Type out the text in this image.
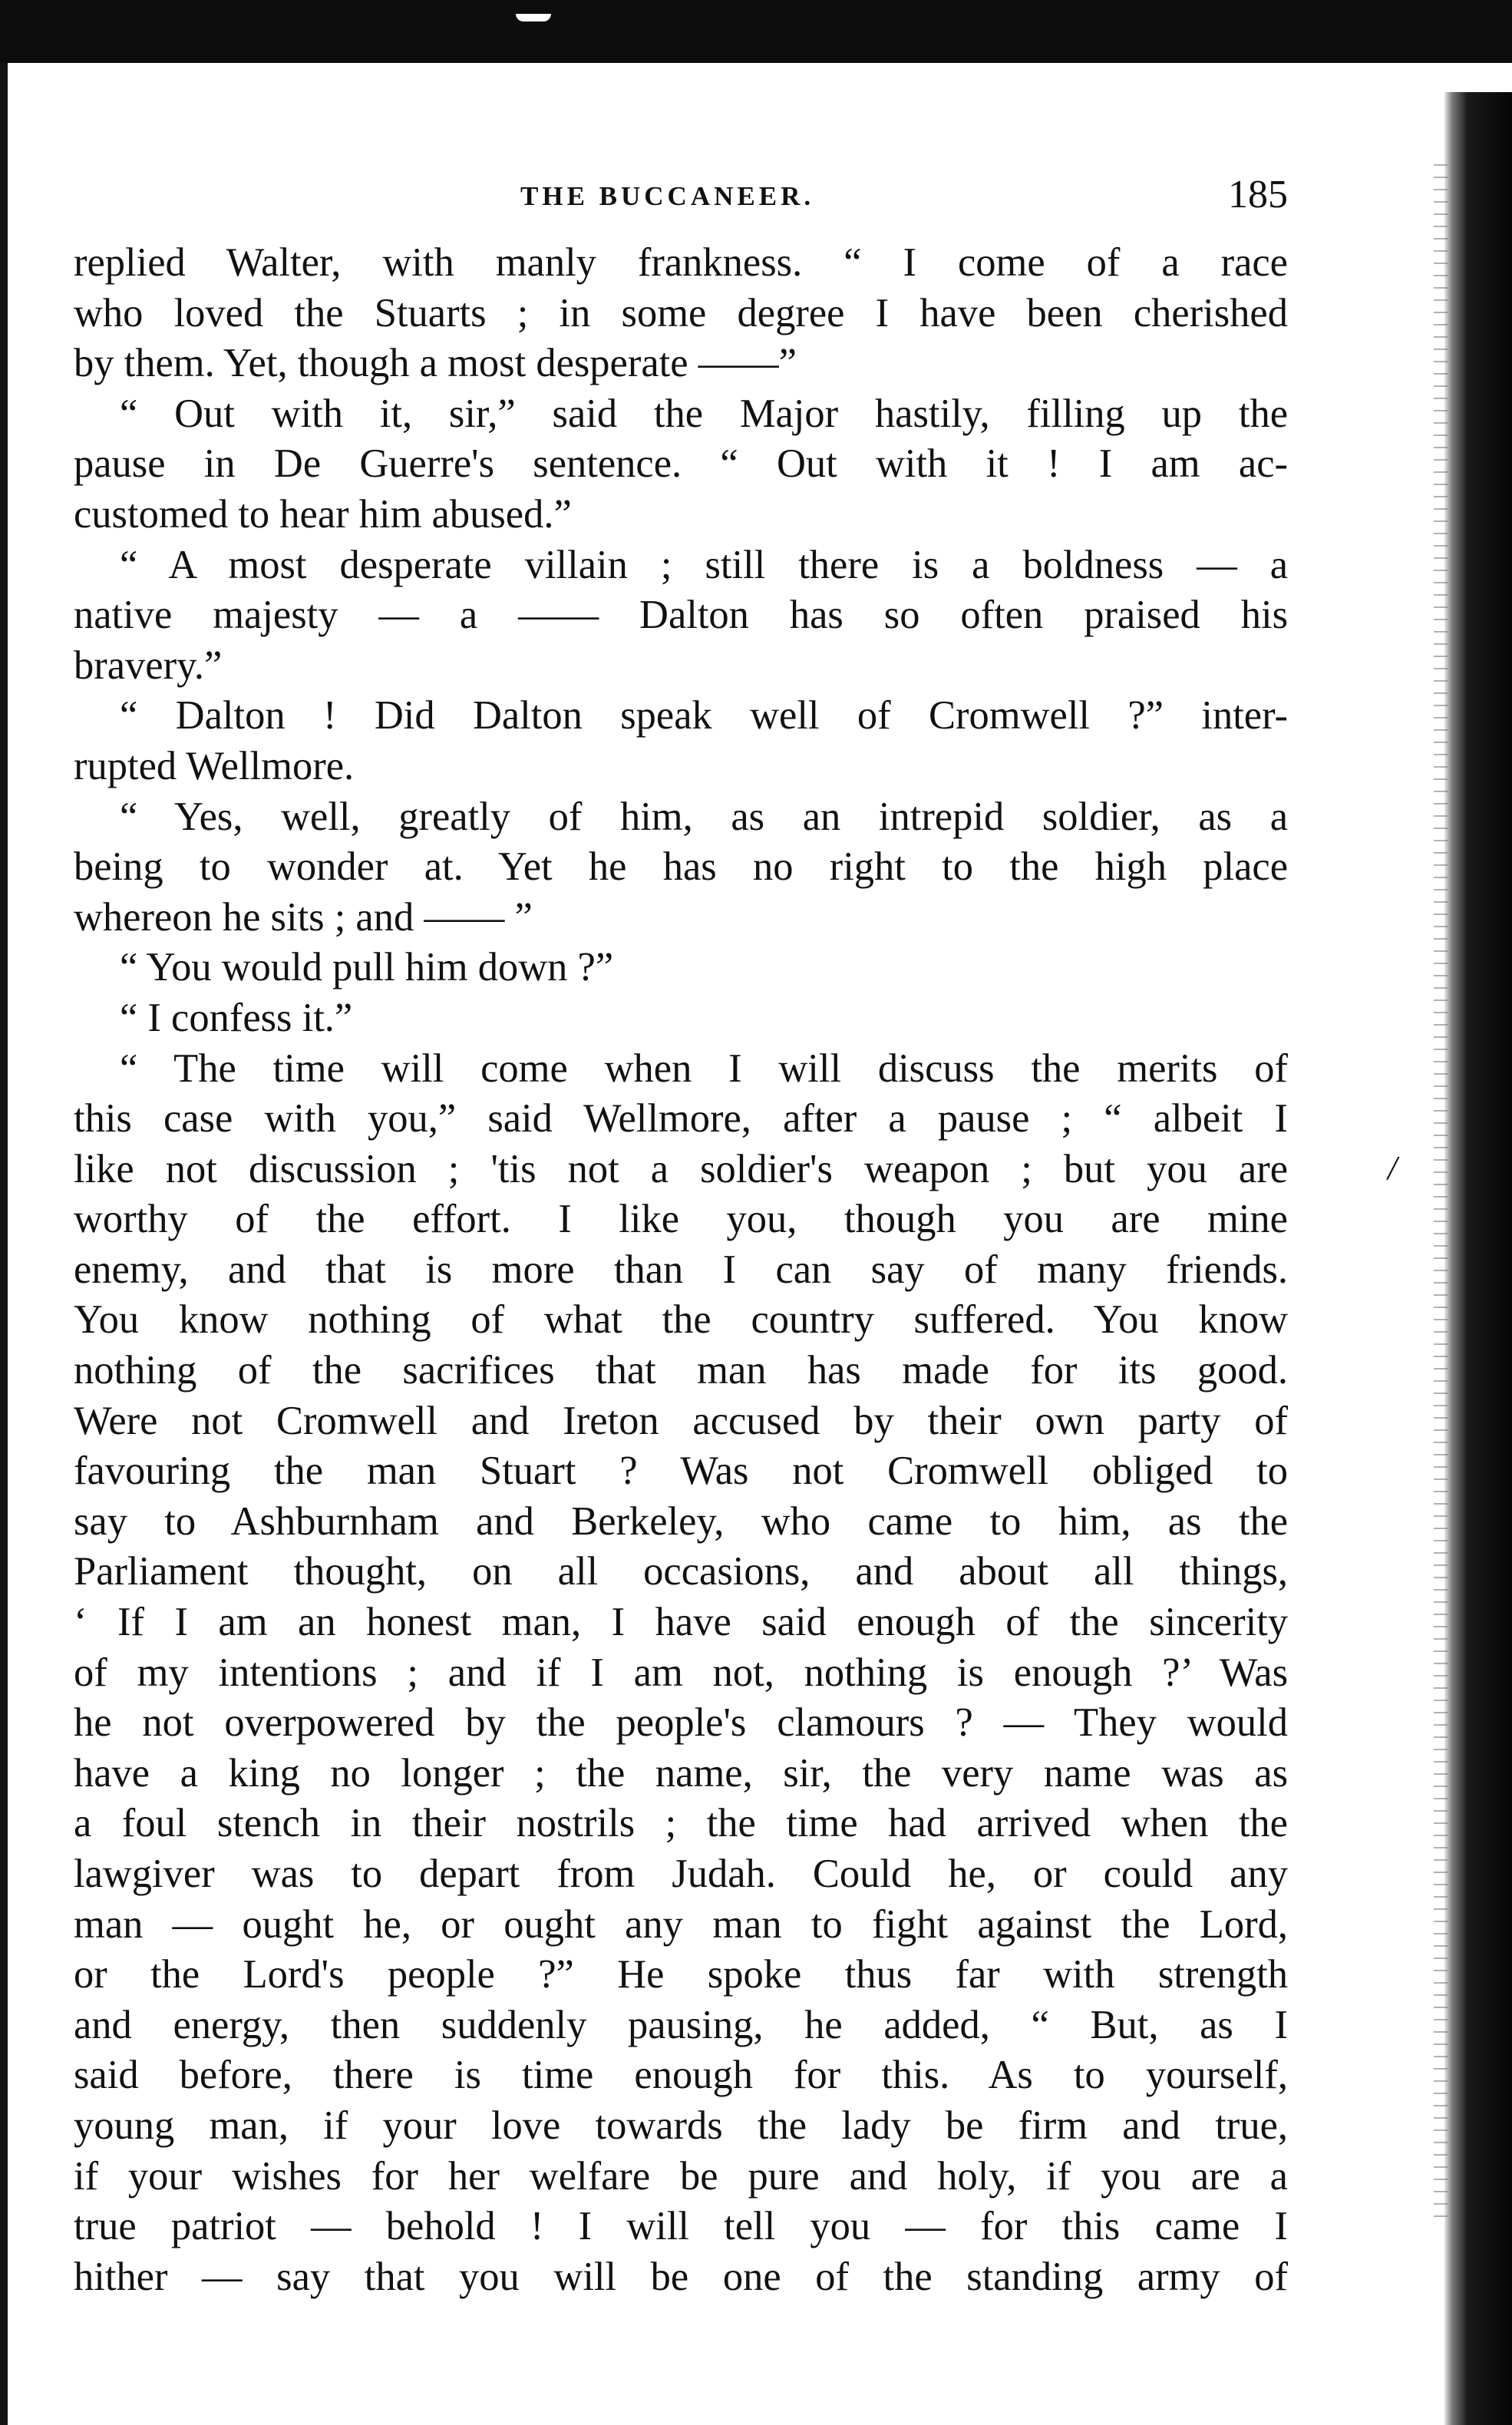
THE BUCCANEER.	185

replied Walter, with manly frankness. “ I come of a race

who loved the Stuarts ; in some degree I have been cherished

by them. Yet, though a most desperate ——”

“ Out with it, sir,” said the Major hastily, filling up the

pause in De Guerre's sentence. “ Out with it ! I am ac-

customed to hear him abused.”

“ A most desperate villain ; still there is a boldness — a

native majesty — a —— Dalton has so often praised his

bravery.”

“ Dalton ! Did Dalton speak well of Cromwell ?” inter-

rupted Wellmore.

“ Yes, well, greatly of him, as an intrepid soldier, as a

being to wonder at. Yet he has no right to the high place

whereon he sits ; and —— ”

“ You would pull him down ?”

“ I confess it.”

“ The time will come when I will discuss the merits of

this case with you,” said Wellmore, after a pause ; “ albeit I

like not discussion ; 'tis not a soldier's weapon ; but you are

worthy of the effort. I like you, though you are mine

enemy, and that is more than I can say of many friends.

You know nothing of what the country suffered. You know

nothing of the sacrifices that man has made for its good.

Were not Cromwell and Ireton accused by their own party of

favouring the man Stuart ? Was not Cromwell obliged to

say to Ashburnham and Berkeley, who came to him, as the

Parliament thought, on all occasions, and about all things,

‘ If I am an honest man, I have said enough of the sincerity

of my intentions ; and if I am not, nothing is enough ?’ Was

he not overpowered by the people's clamours ? — They would

have a king no longer ; the name, sir, the very name was as

a foul stench in their nostrils ; the time had arrived when the

lawgiver was to depart from Judah. Could he, or could any

man — ought he, or ought any man to fight against the Lord,

or the Lord's people ?” He spoke thus far with strength

and energy, then suddenly pausing, he added, “ But, as I

said before, there is time enough for this. As to yourself,

young man, if your love towards the lady be firm and true,

if your wishes for her welfare be pure and holy, if you are a

true patriot — behold ! I will tell you — for this came I

hither — say that you will be one of the standing army of

/
